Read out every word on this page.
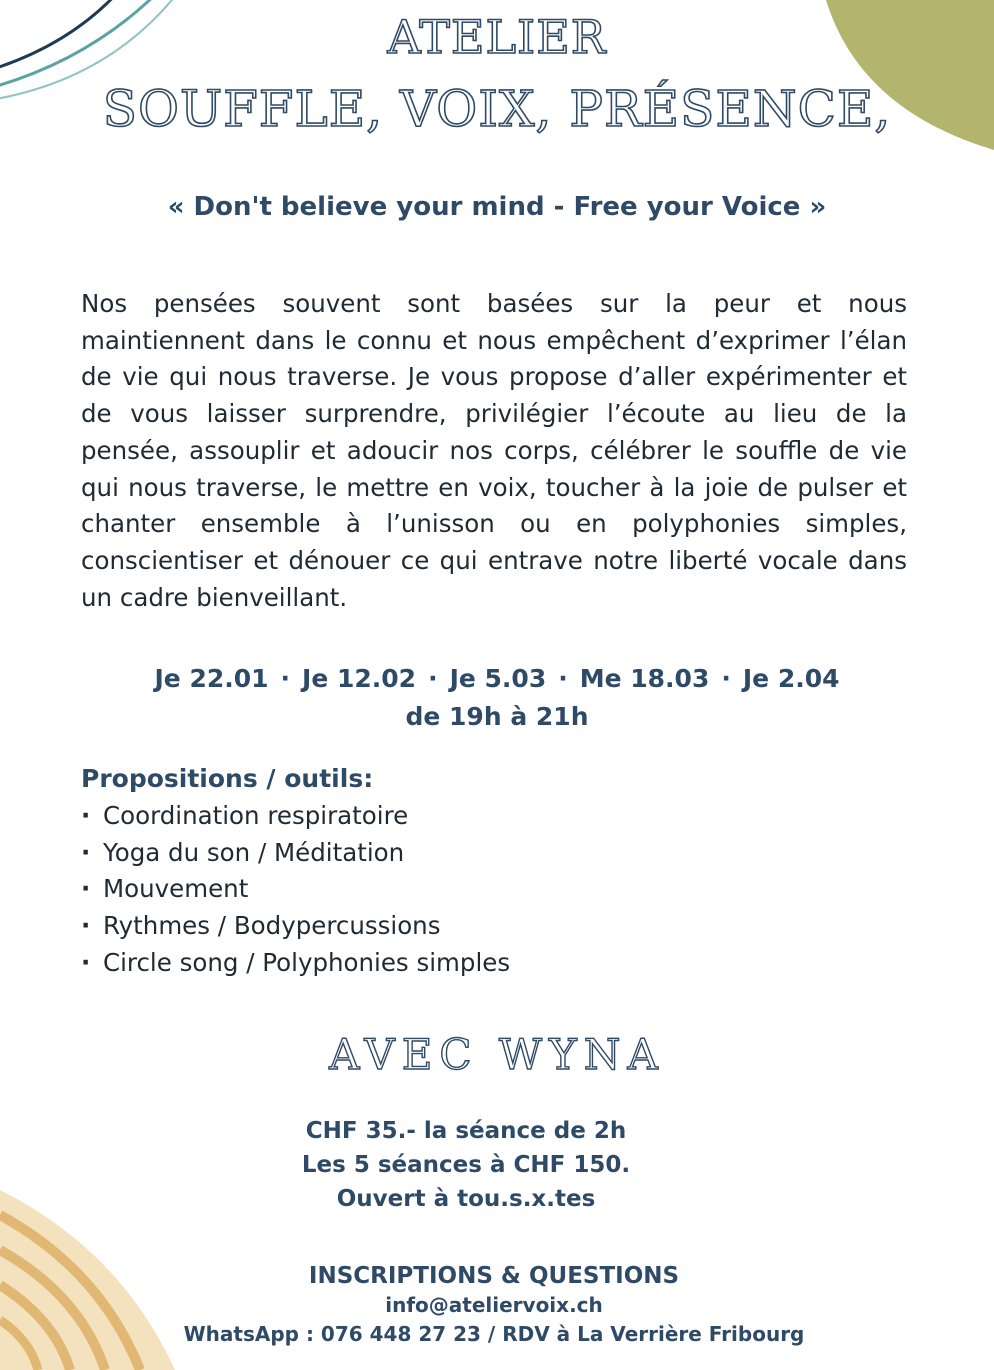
ATELIER
SOUFFLE, VOIX, PRÉSENCE,
« Don't believe your mind - Free your Voice »
Nos pensées souvent sont basées sur la peur et nous maintiennent dans le connu et nous empêchent d’exprimer l’élan de vie qui nous traverse. Je vous propose d’aller expérimenter et de vous laisser surprendre, privilégier l’écoute au lieu de la pensée, assouplir et adoucir nos corps, célébrer le souffle de vie qui nous traverse, le mettre en voix, toucher à la joie de pulser et chanter ensemble à l’unisson ou en polyphonies simples, conscientiser et dénouer ce qui entrave notre liberté vocale dans un cadre bienveillant.
Je 22.01 · Je 12.02 · Je 5.03 · Me 18.03 · Je 2.04
de 19h à 21h
Propositions / outils:
· Coordination respiratoire
· Yoga du son / Méditation
· Mouvement
· Rythmes / Bodypercussions
· Circle song / Polyphonies simples
AVEC WYNA
CHF 35.- la séance de 2h
Les 5 séances à CHF 150.
Ouvert à tou.s.x.tes
INSCRIPTIONS & QUESTIONS
info@ateliervoix.ch
WhatsApp : 076 448 27 23 / RDV à La Verrière Fribourg
